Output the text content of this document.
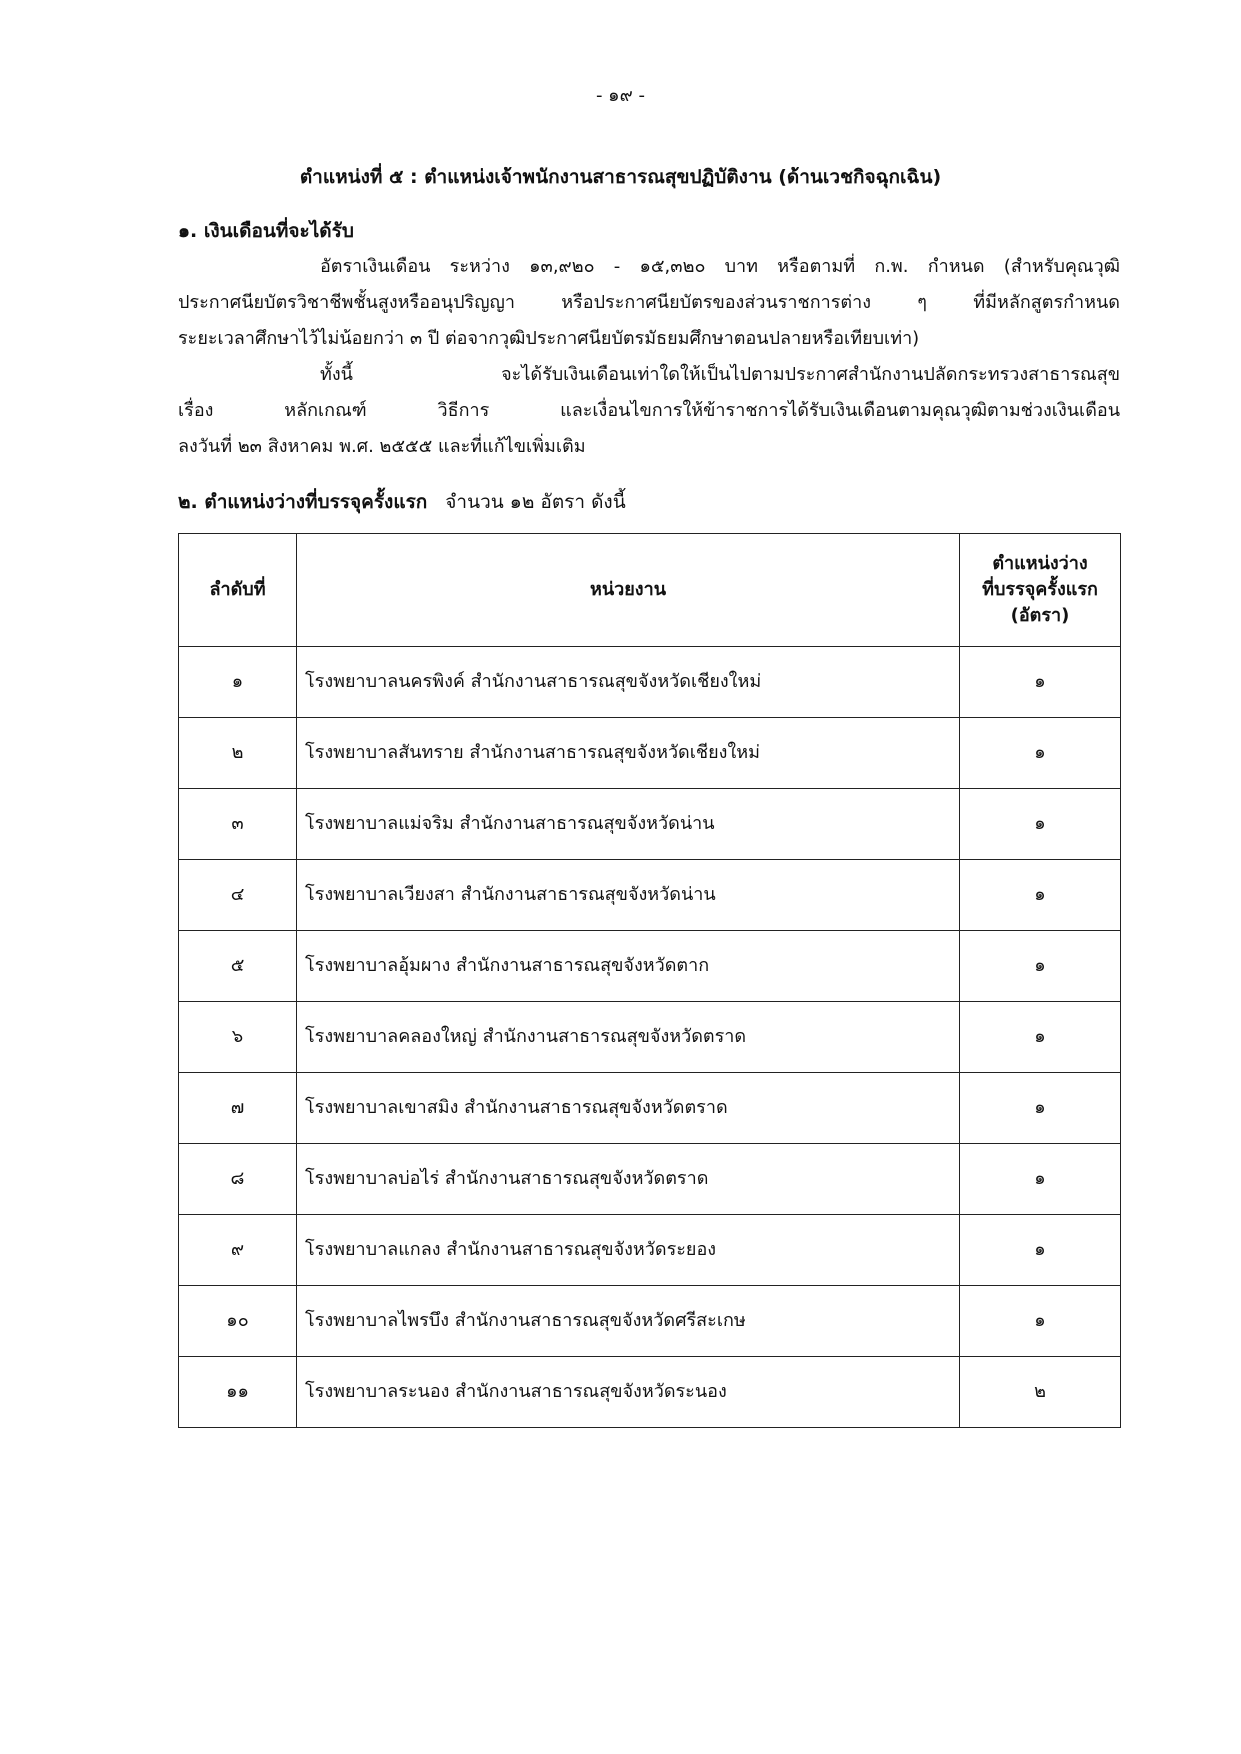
- ๑๙ -
ตำแหน่งที่ ๕ : ตำแหน่งเจ้าพนักงานสาธารณสุขปฏิบัติงาน (ด้านเวชกิจฉุกเฉิน)
๑. เงินเดือนที่จะได้รับ
อัตราเงินเดือน ระหว่าง ๑๓,๙๒๐ - ๑๕,๓๒๐ บาท หรือตามที่ ก.พ. กำหนด (สำหรับคุณวุฒิ
ประกาศนียบัตรวิชาชีพชั้นสูงหรืออนุปริญญา หรือประกาศนียบัตรของส่วนราชการต่าง ๆ ที่มีหลักสูตรกำหนด
ระยะเวลาศึกษาไว้ไม่น้อยกว่า ๓ ปี ต่อจากวุฒิประกาศนียบัตรมัธยมศึกษาตอนปลายหรือเทียบเท่า)
ทั้งนี้ จะได้รับเงินเดือนเท่าใดให้เป็นไปตามประกาศสำนักงานปลัดกระทรวงสาธารณสุข
เรื่อง หลักเกณฑ์ วิธีการ และเงื่อนไขการให้ข้าราชการได้รับเงินเดือนตามคุณวุฒิตามช่วงเงินเดือน
ลงวันที่ ๒๓ สิงหาคม พ.ศ. ๒๕๕๕ และที่แก้ไขเพิ่มเติม
๒. ตำแหน่งว่างที่บรรจุครั้งแรก จำนวน ๑๒ อัตรา ดังนี้
ลำดับที่	หน่วยงาน	ตำแหน่งว่าง
ที่บรรจุครั้งแรก
(อัตรา)

๑	โรงพยาบาลนครพิงค์ สำนักงานสาธารณสุขจังหวัดเชียงใหม่	๑
๒	โรงพยาบาลสันทราย สำนักงานสาธารณสุขจังหวัดเชียงใหม่	๑
๓	โรงพยาบาลแม่จริม สำนักงานสาธารณสุขจังหวัดน่าน	๑
๔	โรงพยาบาลเวียงสา สำนักงานสาธารณสุขจังหวัดน่าน	๑
๕	โรงพยาบาลอุ้มผาง สำนักงานสาธารณสุขจังหวัดตาก	๑
๖	โรงพยาบาลคลองใหญ่ สำนักงานสาธารณสุขจังหวัดตราด	๑
๗	โรงพยาบาลเขาสมิง สำนักงานสาธารณสุขจังหวัดตราด	๑
๘	โรงพยาบาลบ่อไร่ สำนักงานสาธารณสุขจังหวัดตราด	๑
๙	โรงพยาบาลแกลง สำนักงานสาธารณสุขจังหวัดระยอง	๑
๑๐	โรงพยาบาลไพรบึง สำนักงานสาธารณสุขจังหวัดศรีสะเกษ	๑
๑๑	โรงพยาบาลระนอง สำนักงานสาธารณสุขจังหวัดระนอง	๒
